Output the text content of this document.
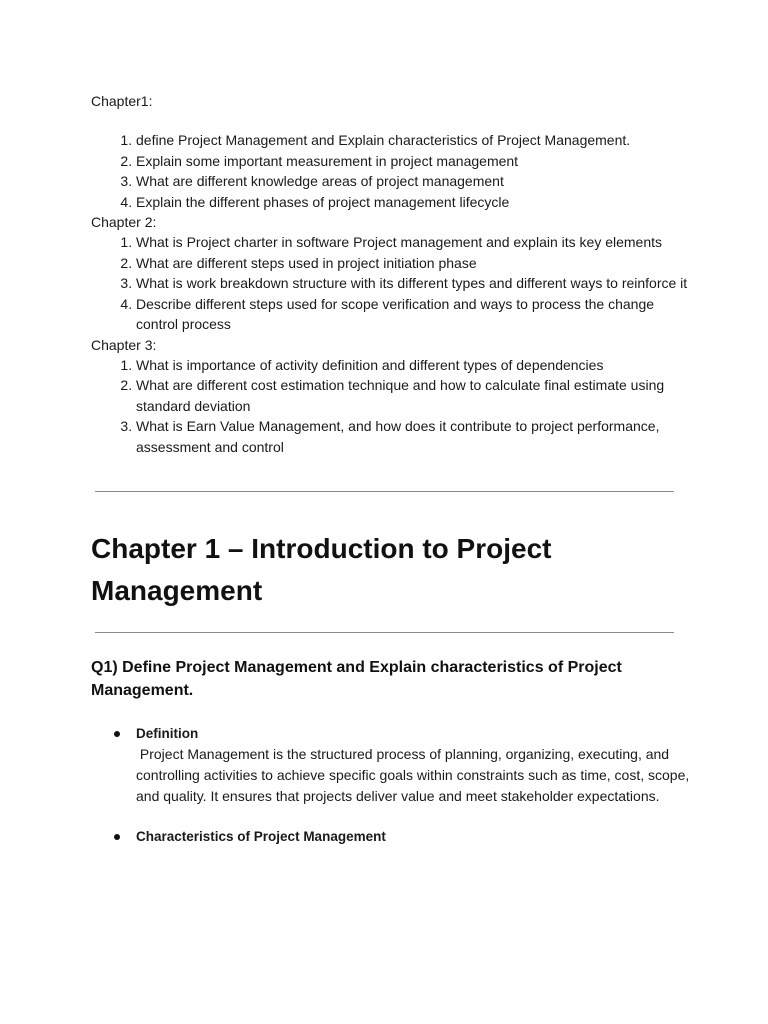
Chapter1:

1. define Project Management and Explain characteristics of Project Management.
2. Explain some important measurement in project management
3. What are different knowledge areas of project management
4. Explain the different phases of project management lifecycle

Chapter 2:

1. What is Project charter in software Project management and explain its key elements
2. What are different steps used in project initiation phase
3. What is work breakdown structure with its different types and different ways to reinforce it
4. Describe different steps used for scope verification and ways to process the change control process

Chapter 3:

1. What is importance of activity definition and different types of dependencies
2. What are different cost estimation technique and how to calculate final estimate using standard deviation
3. What is Earn Value Management, and how does it contribute to project performance, assessment and control
Chapter 1 – Introduction to Project Management
Q1) Define Project Management and Explain characteristics of Project Management.
Definition
Project Management is the structured process of planning, organizing, executing, and controlling activities to achieve specific goals within constraints such as time, cost, scope, and quality. It ensures that projects deliver value and meet stakeholder expectations.
Characteristics of Project Management
